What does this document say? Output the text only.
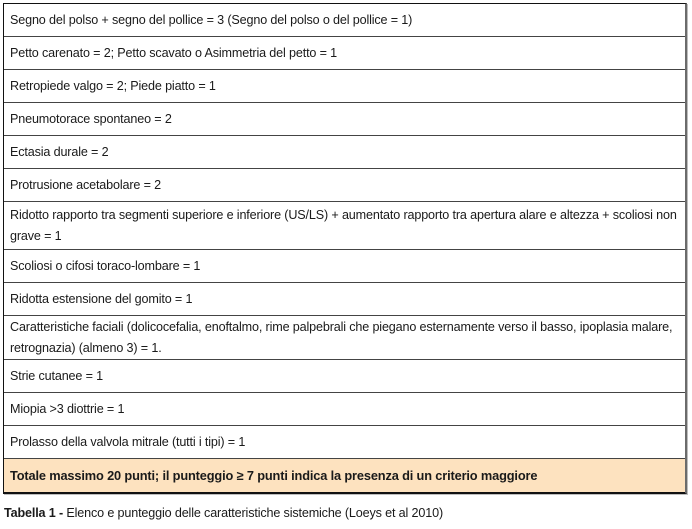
Segno del polso + segno del pollice = 3 (Segno del polso o del pollice = 1)
Petto carenato = 2; Petto scavato o Asimmetria del petto = 1
Retropiede valgo = 2; Piede piatto = 1
Pneumotorace spontaneo = 2
Ectasia durale = 2
Protrusione acetabolare = 2
Ridotto rapporto tra segmenti superiore e inferiore (US/LS) + aumentato rapporto tra apertura alare e altezza + scoliosi non grave = 1
Scoliosi o cifosi toraco-lombare = 1
Ridotta estensione del gomito = 1
Caratteristiche faciali (dolicocefalia, enoftalmo, rime palpebrali che piegano esternamente verso il basso, ipoplasia malare, retrognazia) (almeno 3) = 1.
Strie cutanee = 1
Miopia >3 diottrie = 1
Prolasso della valvola mitrale (tutti i tipi) = 1
Totale massimo 20 punti; il punteggio ≥ 7 punti indica la presenza di un criterio maggiore
Tabella 1 - Elenco e punteggio delle caratteristiche sistemiche (Loeys et al 2010)
